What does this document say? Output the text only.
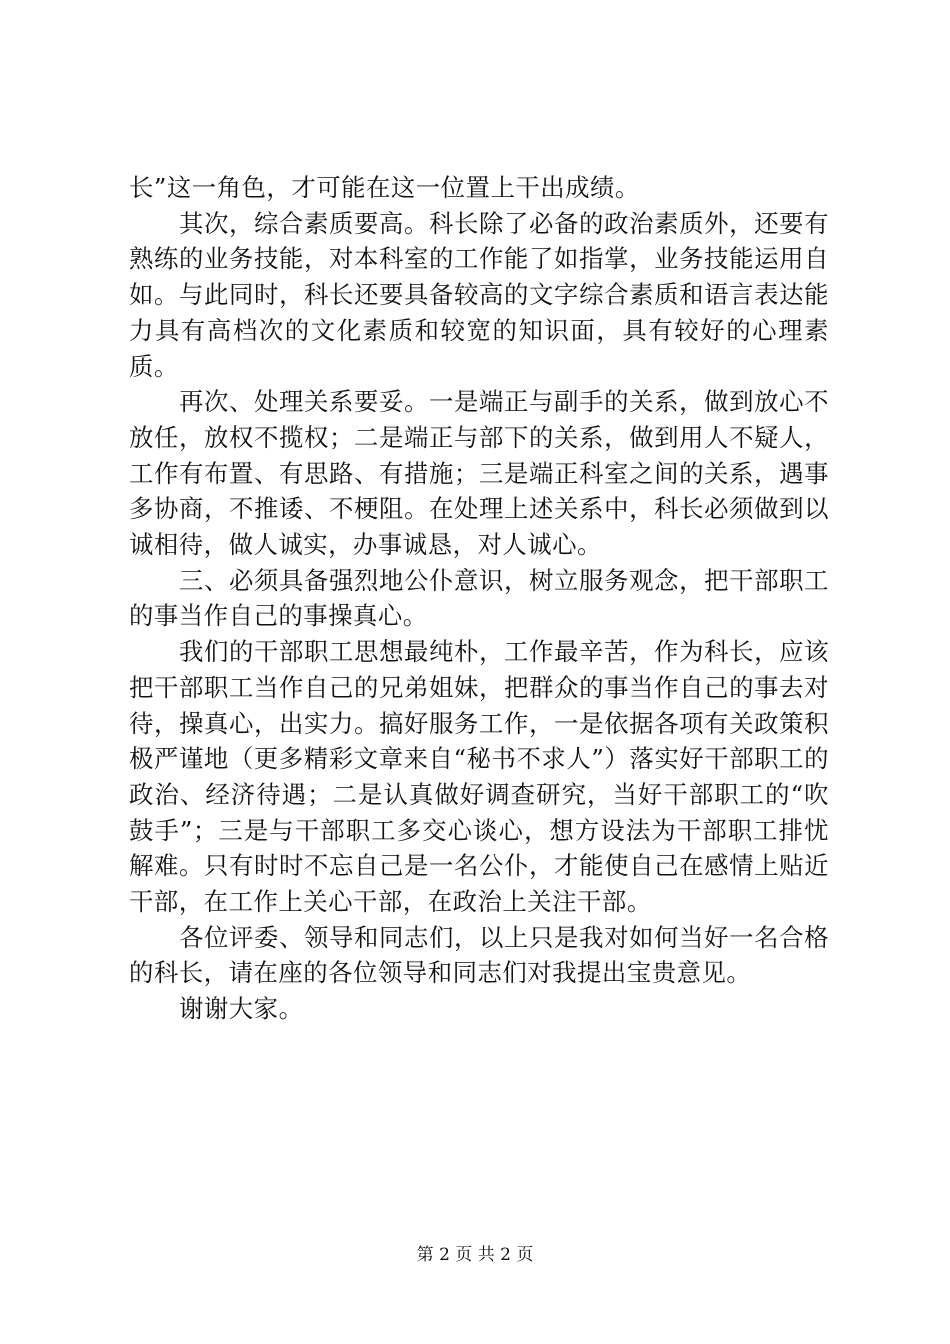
长”这一角色，才可能在这一位置上干出成绩。

其次，综合素质要高。科长除了必备的政治素质外，还要有熟练的业务技能，对本科室的工作能了如指掌，业务技能运用自如。与此同时，科长还要具备较高的文字综合素质和语言表达能力具有高档次的文化素质和较宽的知识面，具有较好的心理素质。

再次、处理关系要妥。一是端正与副手的关系，做到放心不放任，放权不揽权；二是端正与部下的关系，做到用人不疑人，工作有布置、有思路、有措施；三是端正科室之间的关系，遇事多协商，不推诿、不梗阻。在处理上述关系中，科长必须做到以诚相待，做人诚实，办事诚恳，对人诚心。

三、必须具备强烈地公仆意识，树立服务观念，把干部职工的事当作自己的事操真心。

我们的干部职工思想最纯朴，工作最辛苦，作为科长，应该把干部职工当作自己的兄弟姐妹，把群众的事当作自己的事去对待，操真心，出实力。搞好服务工作，一是依据各项有关政策积极严谨地（更多精彩文章来自“秘书不求人”）落实好干部职工的政治、经济待遇；二是认真做好调查研究，当好干部职工的“吹鼓手”；三是与干部职工多交心谈心，想方设法为干部职工排忧解难。只有时时不忘自己是一名公仆，才能使自己在感情上贴近干部，在工作上关心干部，在政治上关注干部。

各位评委、领导和同志们，以上只是我对如何当好一名合格的科长，请在座的各位领导和同志们对我提出宝贵意见。

谢谢大家。

第 2 页 共 2 页
